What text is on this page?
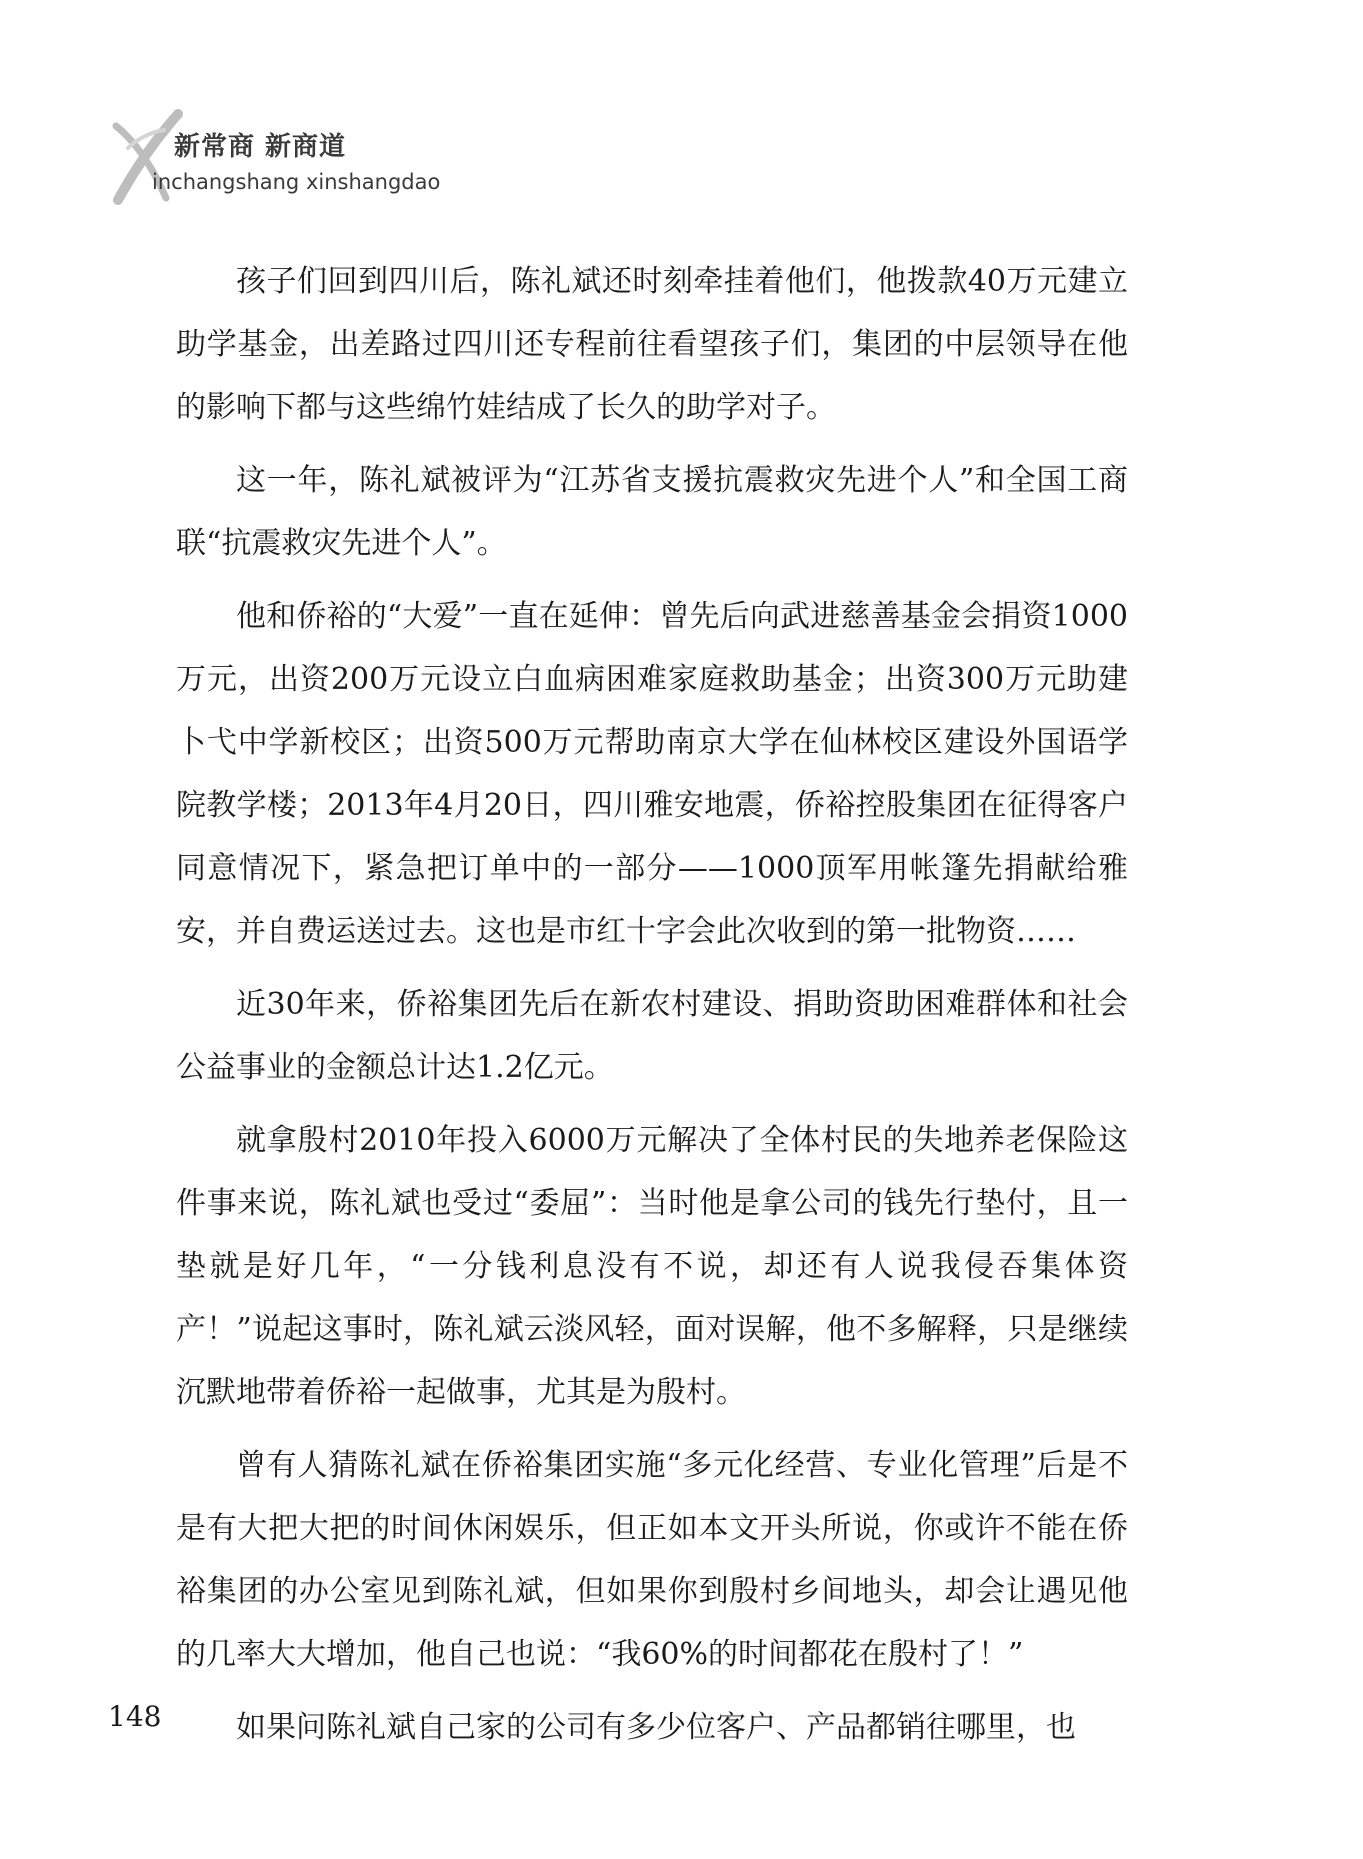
新常商 新商道
inchangshang xinshangdao

孩子们回到四川后，陈礼斌还时刻牵挂着他们，他拨款40万元建立助学基金，出差路过四川还专程前往看望孩子们，集团的中层领导在他的影响下都与这些绵竹娃结成了长久的助学对子。

这一年，陈礼斌被评为“江苏省支援抗震救灾先进个人”和全国工商联“抗震救灾先进个人”。

他和侨裕的“大爱”一直在延伸：曾先后向武进慈善基金会捐资1000万元，出资200万元设立白血病困难家庭救助基金；出资300万元助建卜弋中学新校区；出资500万元帮助南京大学在仙林校区建设外国语学院教学楼；2013年4月20日，四川雅安地震，侨裕控股集团在征得客户同意情况下，紧急把订单中的一部分——1000顶军用帐篷先捐献给雅安，并自费运送过去。这也是市红十字会此次收到的第一批物资……

近30年来，侨裕集团先后在新农村建设、捐助资助困难群体和社会公益事业的金额总计达1.2亿元。

就拿殷村2010年投入6000万元解决了全体村民的失地养老保险这件事来说，陈礼斌也受过“委屈”：当时他是拿公司的钱先行垫付，且一垫就是好几年，“一分钱利息没有不说，却还有人说我侵吞集体资产！”说起这事时，陈礼斌云淡风轻，面对误解，他不多解释，只是继续沉默地带着侨裕一起做事，尤其是为殷村。

曾有人猜陈礼斌在侨裕集团实施“多元化经营、专业化管理”后是不是有大把大把的时间休闲娱乐，但正如本文开头所说，你或许不能在侨裕集团的办公室见到陈礼斌，但如果你到殷村乡间地头，却会让遇见他的几率大大增加，他自己也说：“我60%的时间都花在殷村了！”

如果问陈礼斌自己家的公司有多少位客户、产品都销往哪里，也

148
